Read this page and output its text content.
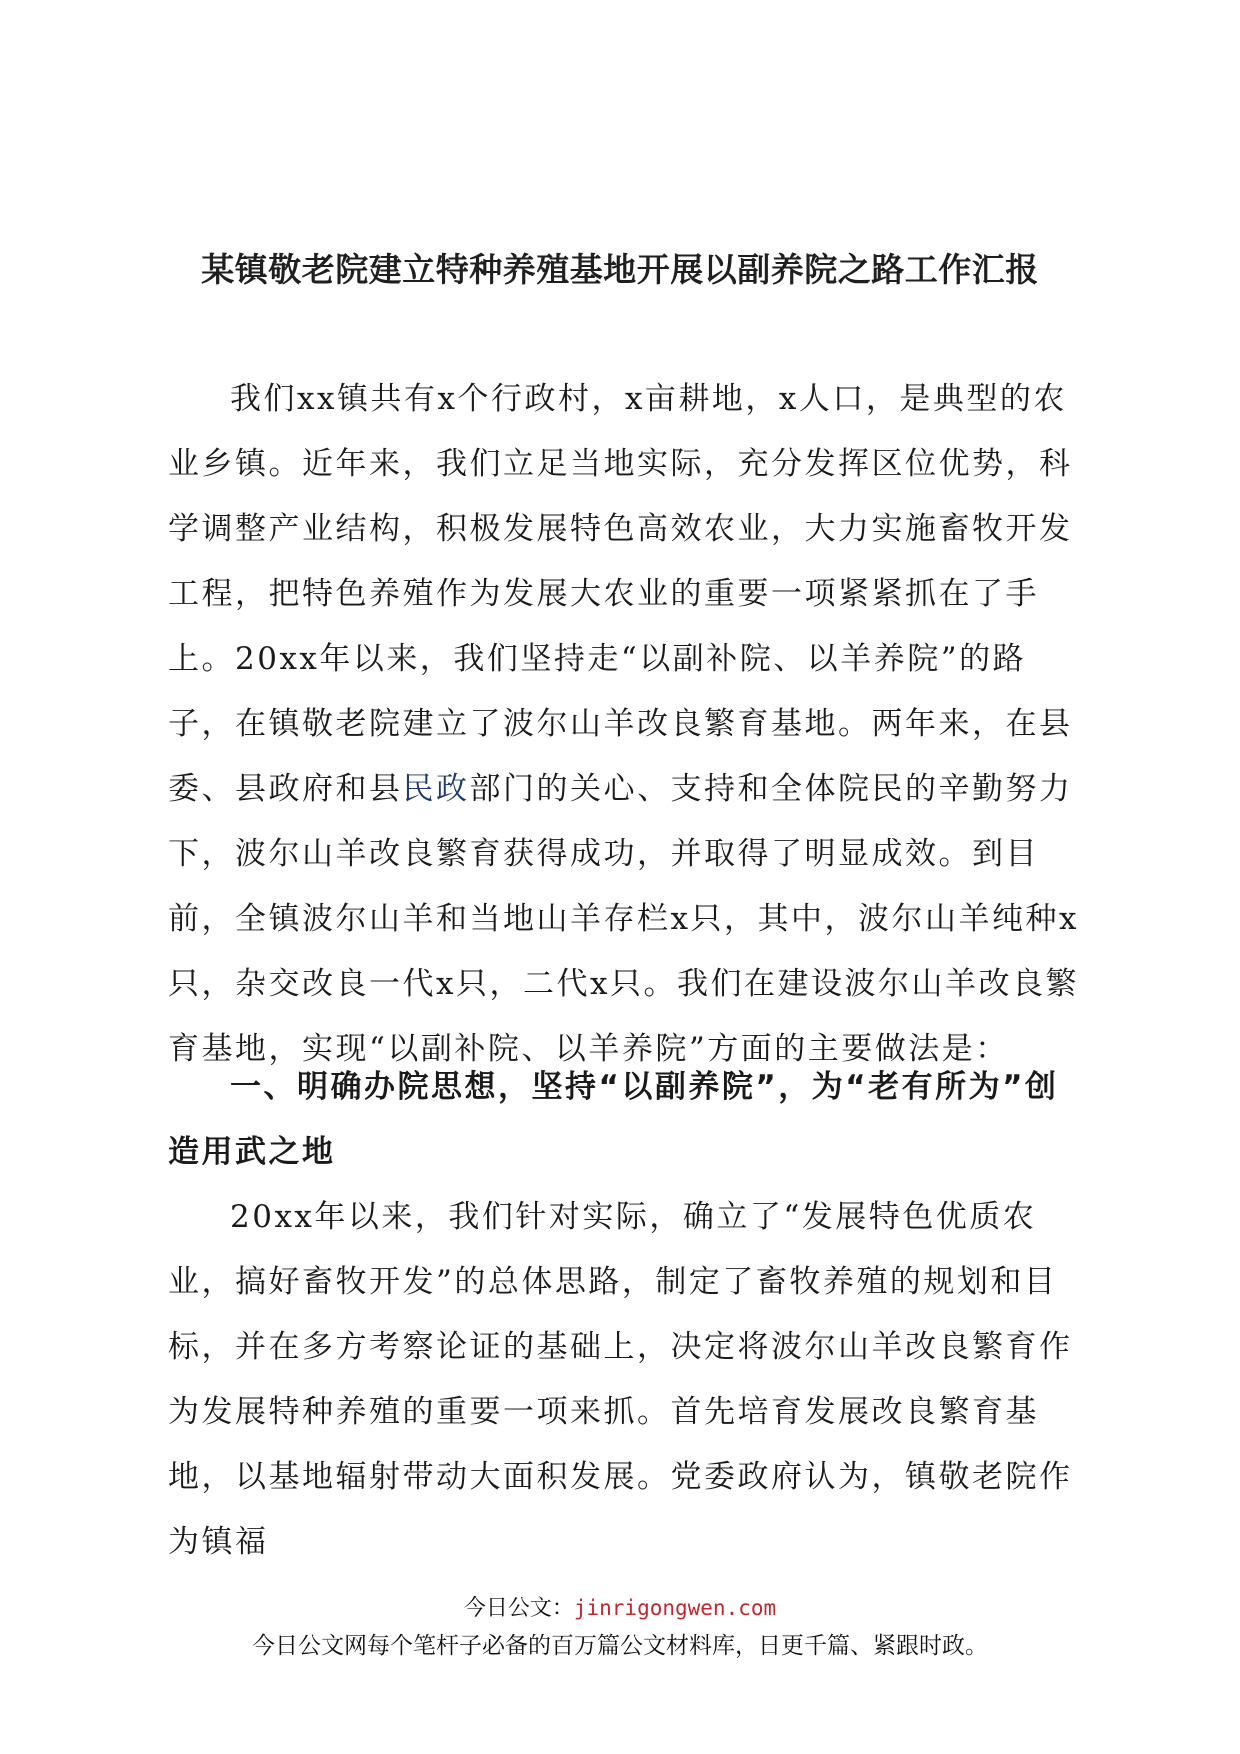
某镇敬老院建立特种养殖基地开展以副养院之路工作汇报
我们xx镇共有x个行政村，x亩耕地，x人口，是典型的农业乡镇。近年来，我们立足当地实际，充分发挥区位优势，科学调整产业结构，积极发展特色高效农业，大力实施畜牧开发工程，把特色养殖作为发展大农业的重要一项紧紧抓在了手上。20xx年以来，我们坚持走“以副补院、以羊养院”的路子，在镇敬老院建立了波尔山羊改良繁育基地。两年来，在县委、县政府和县民政部门的关心、支持和全体院民的辛勤努力下，波尔山羊改良繁育获得成功，并取得了明显成效。到目前，全镇波尔山羊和当地山羊存栏x只，其中，波尔山羊纯种x只，杂交改良一代x只，二代x只。我们在建设波尔山羊改良繁育基地，实现“以副补院、以羊养院”方面的主要做法是：
一、明确办院思想，坚持“以副养院”，为“老有所为”创造用武之地
20xx年以来，我们针对实际，确立了“发展特色优质农业，搞好畜牧开发”的总体思路，制定了畜牧养殖的规划和目标，并在多方考察论证的基础上，决定将波尔山羊改良繁育作为发展特种养殖的重要一项来抓。首先培育发展改良繁育基地，以基地辐射带动大面积发展。党委政府认为，镇敬老院作为镇福
今日公文：jinrigongwen.com
今日公文网每个笔杆子必备的百万篇公文材料库，日更千篇、紧跟时政。
